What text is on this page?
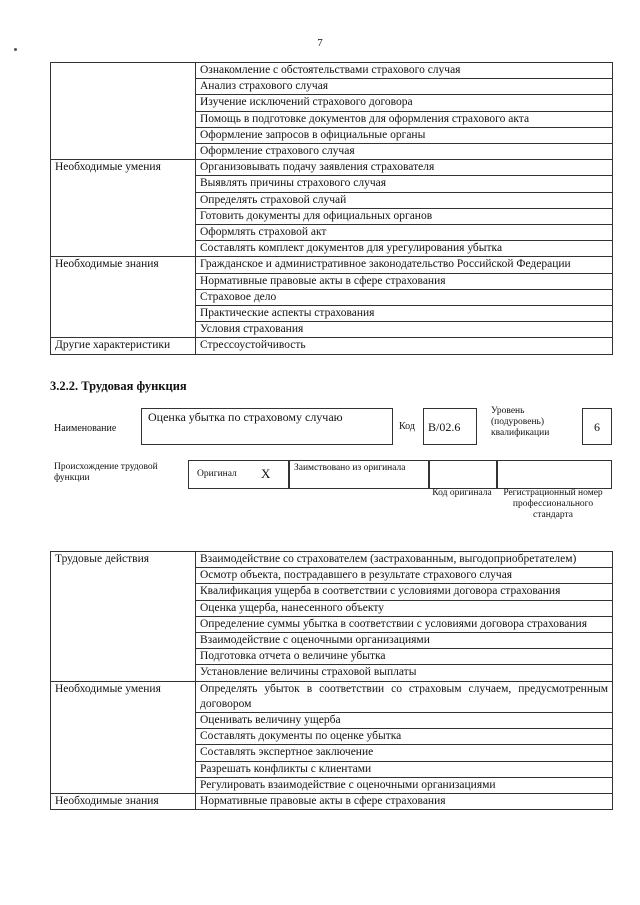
7
	Ознакомление с обстоятельствами страхового случая
	Анализ страхового случая
	Изучение исключений страхового договора
	Помощь в подготовке документов для оформления страхового акта
	Оформление запросов в официальные органы
	Оформление страхового случая
Необходимые умения	Организовывать подачу заявления страхователя
	Выявлять причины страхового случая
	Определять страховой случай
	Готовить документы для официальных органов
	Оформлять страховой акт
	Составлять комплект документов для урегулирования убытка
Необходимые знания	Гражданское и административное законодательство Российской Федерации
	Нормативные правовые акты в сфере страхования
	Страховое дело
	Практические аспекты страхования
	Условия страхования
Другие характеристики	Стрессоустойчивость
3.2.2. Трудовая функция
Наименование
Оценка убытка по страховому случаю
Код	B/02.6
Уровень (подуровень) квалификации	6
Происхождение трудовой функции	Оригинал X Заимствовано из оригинала
Код оригинала	Регистрационный номер профессионального стандарта
Трудовые действия	Взаимодействие со страхователем (застрахованным, выгодоприобретателем)
	Осмотр объекта, пострадавшего в результате страхового случая
	Квалификация ущерба в соответствии с условиями договора страхования
	Оценка ущерба, нанесенного объекту
	Определение суммы убытка в соответствии с условиями договора страхования
	Взаимодействие с оценочными организациями
	Подготовка отчета о величине убытка
	Установление величины страховой выплаты
Необходимые умения	Определять убыток в соответствии со страховым случаем, предусмотренным договором
	Оценивать величину ущерба
	Составлять документы по оценке убытка
	Составлять экспертное заключение
	Разрешать конфликты с клиентами
	Регулировать взаимодействие с оценочными организациями
Необходимые знания	Нормативные правовые акты в сфере страхования
